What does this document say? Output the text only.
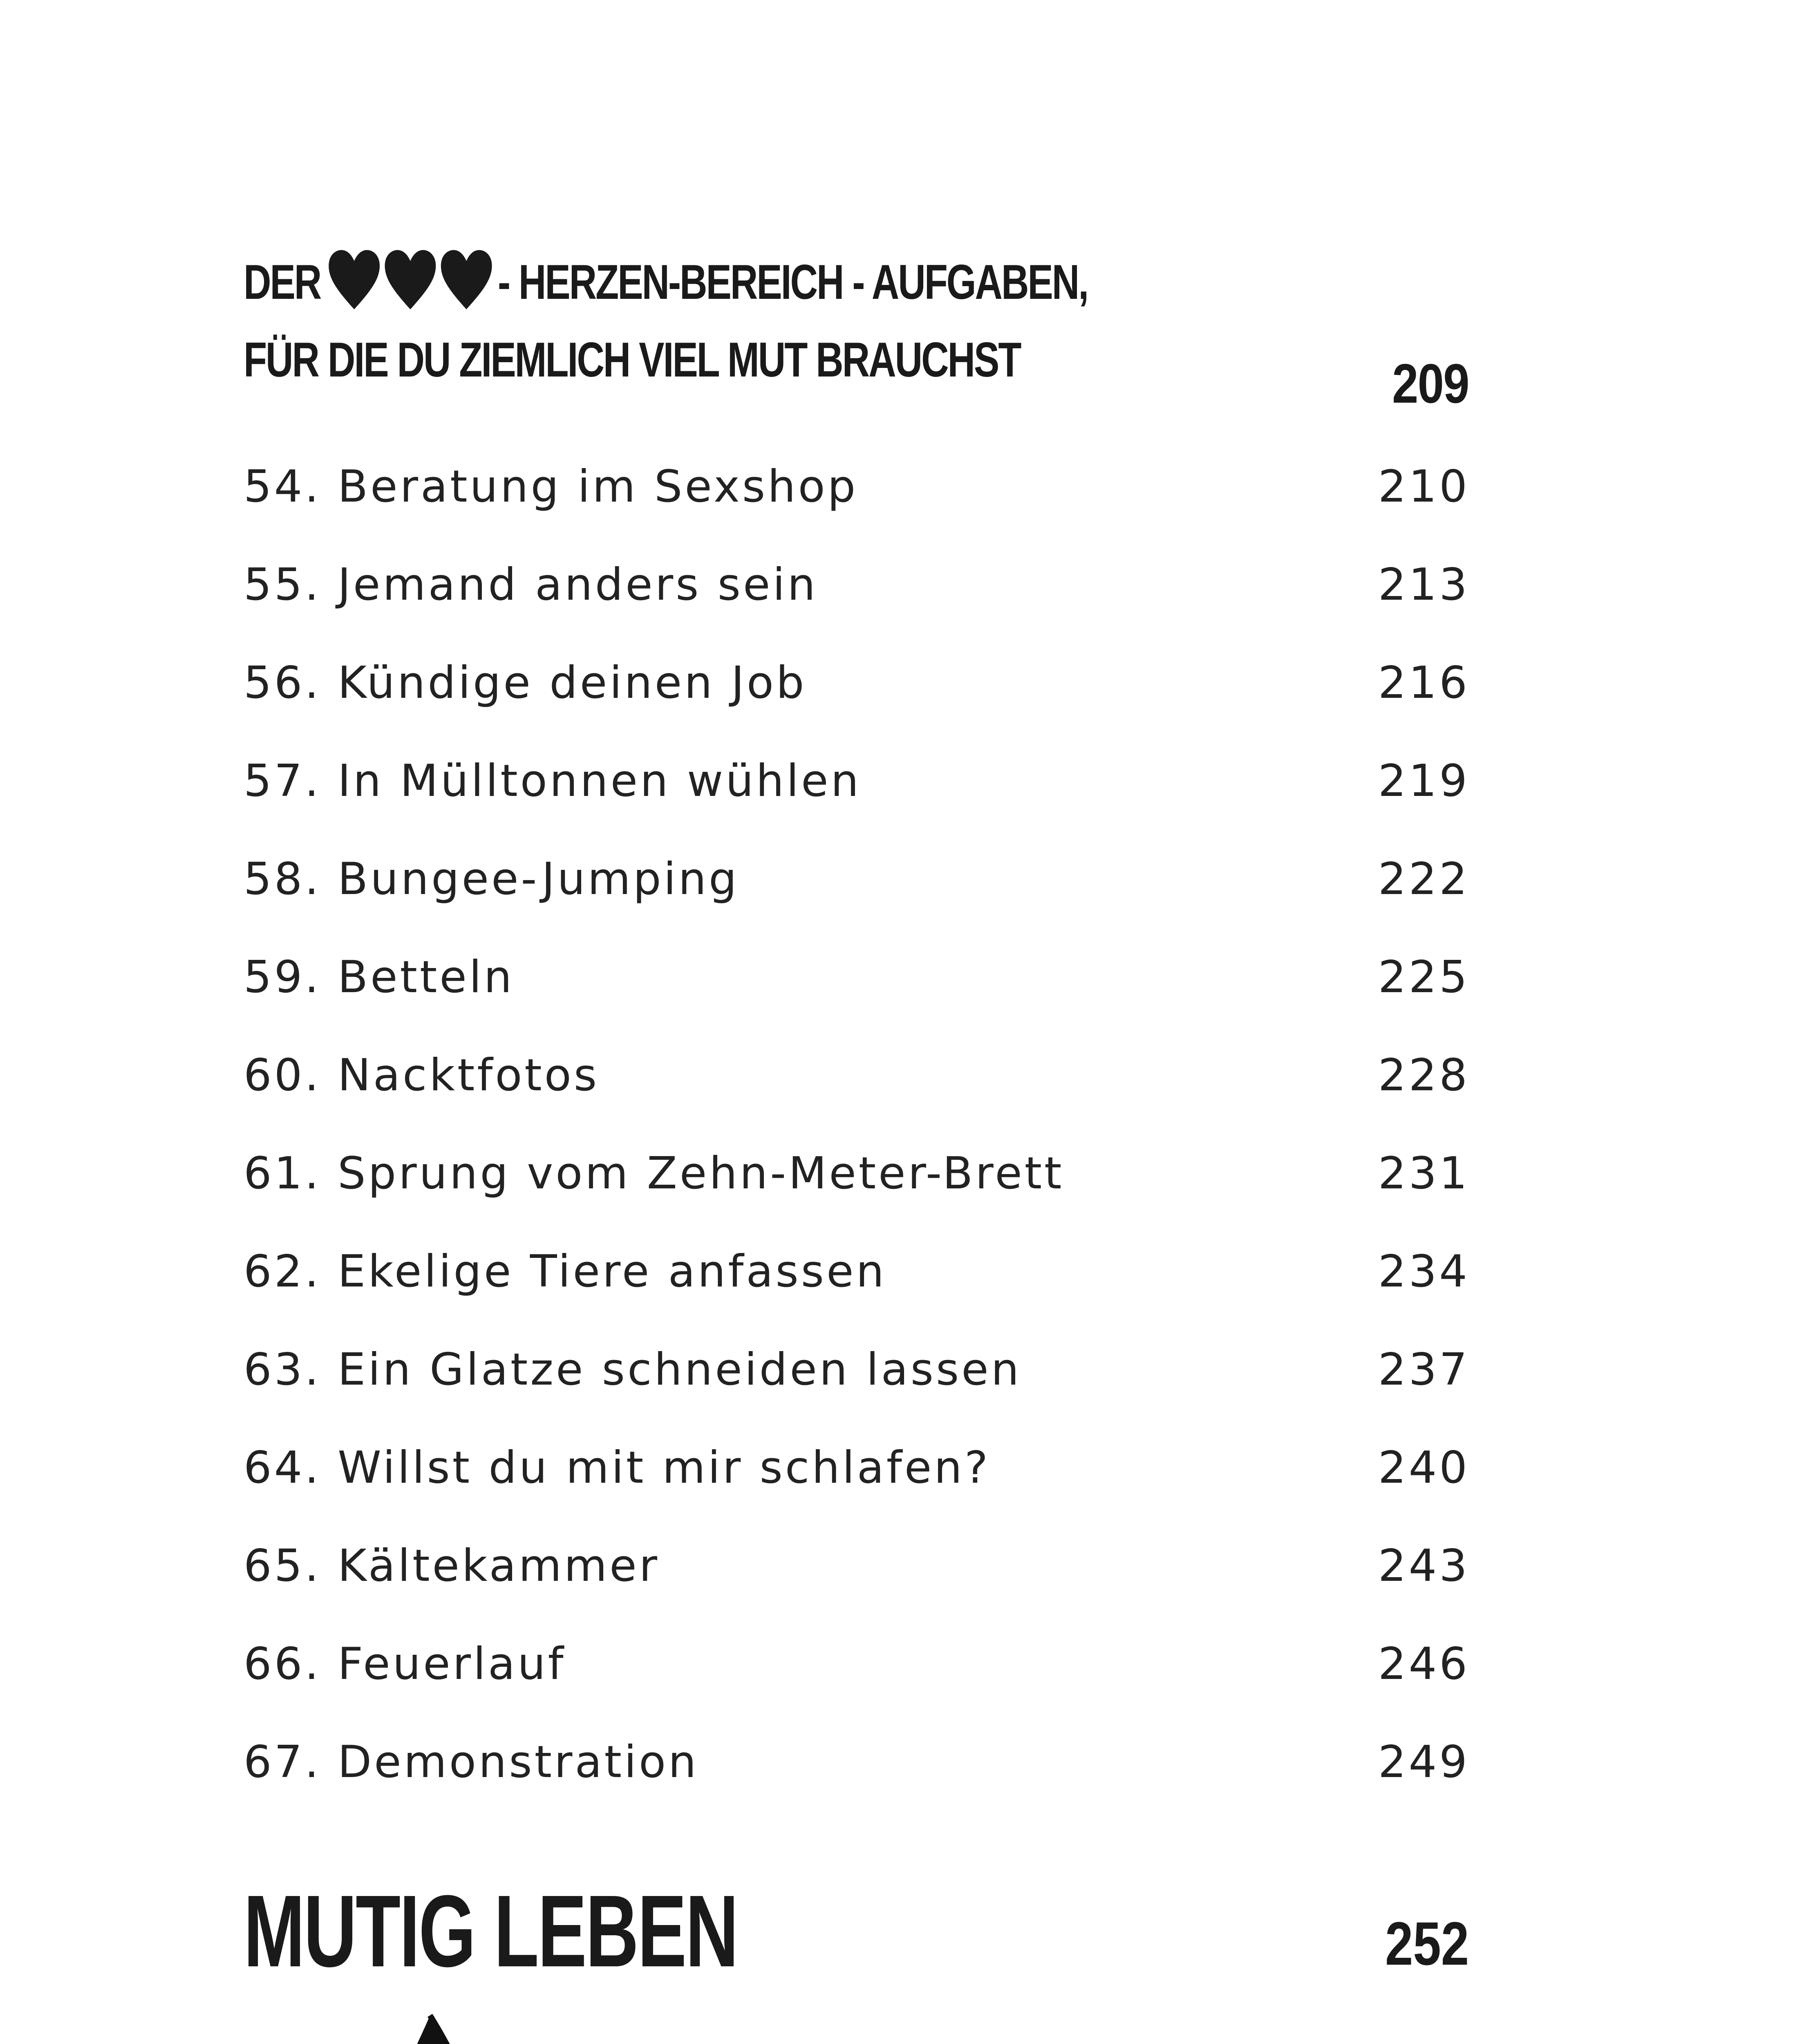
DER	- HERZEN-BEREICH - AUFGABEN,
FÜR DIE DU ZIEMLICH VIEL MUT BRAUCHST	209
54. Beratung im Sexshop	210
55. Jemand anders sein	213
56. Kündige deinen Job	216
57. In Mülltonnen wühlen	219
58. Bungee-Jumping	222
59. Betteln	225
60. Nacktfotos	228
61. Sprung vom Zehn-Meter-Brett	231
62. Ekelige Tiere anfassen	234
63. Ein Glatze schneiden lassen	237
64. Willst du mit mir schlafen?	240
65. Kältekammer	243
66. Feuerlauf	246
67. Demonstration	249
MUTIG LEBEN	252
